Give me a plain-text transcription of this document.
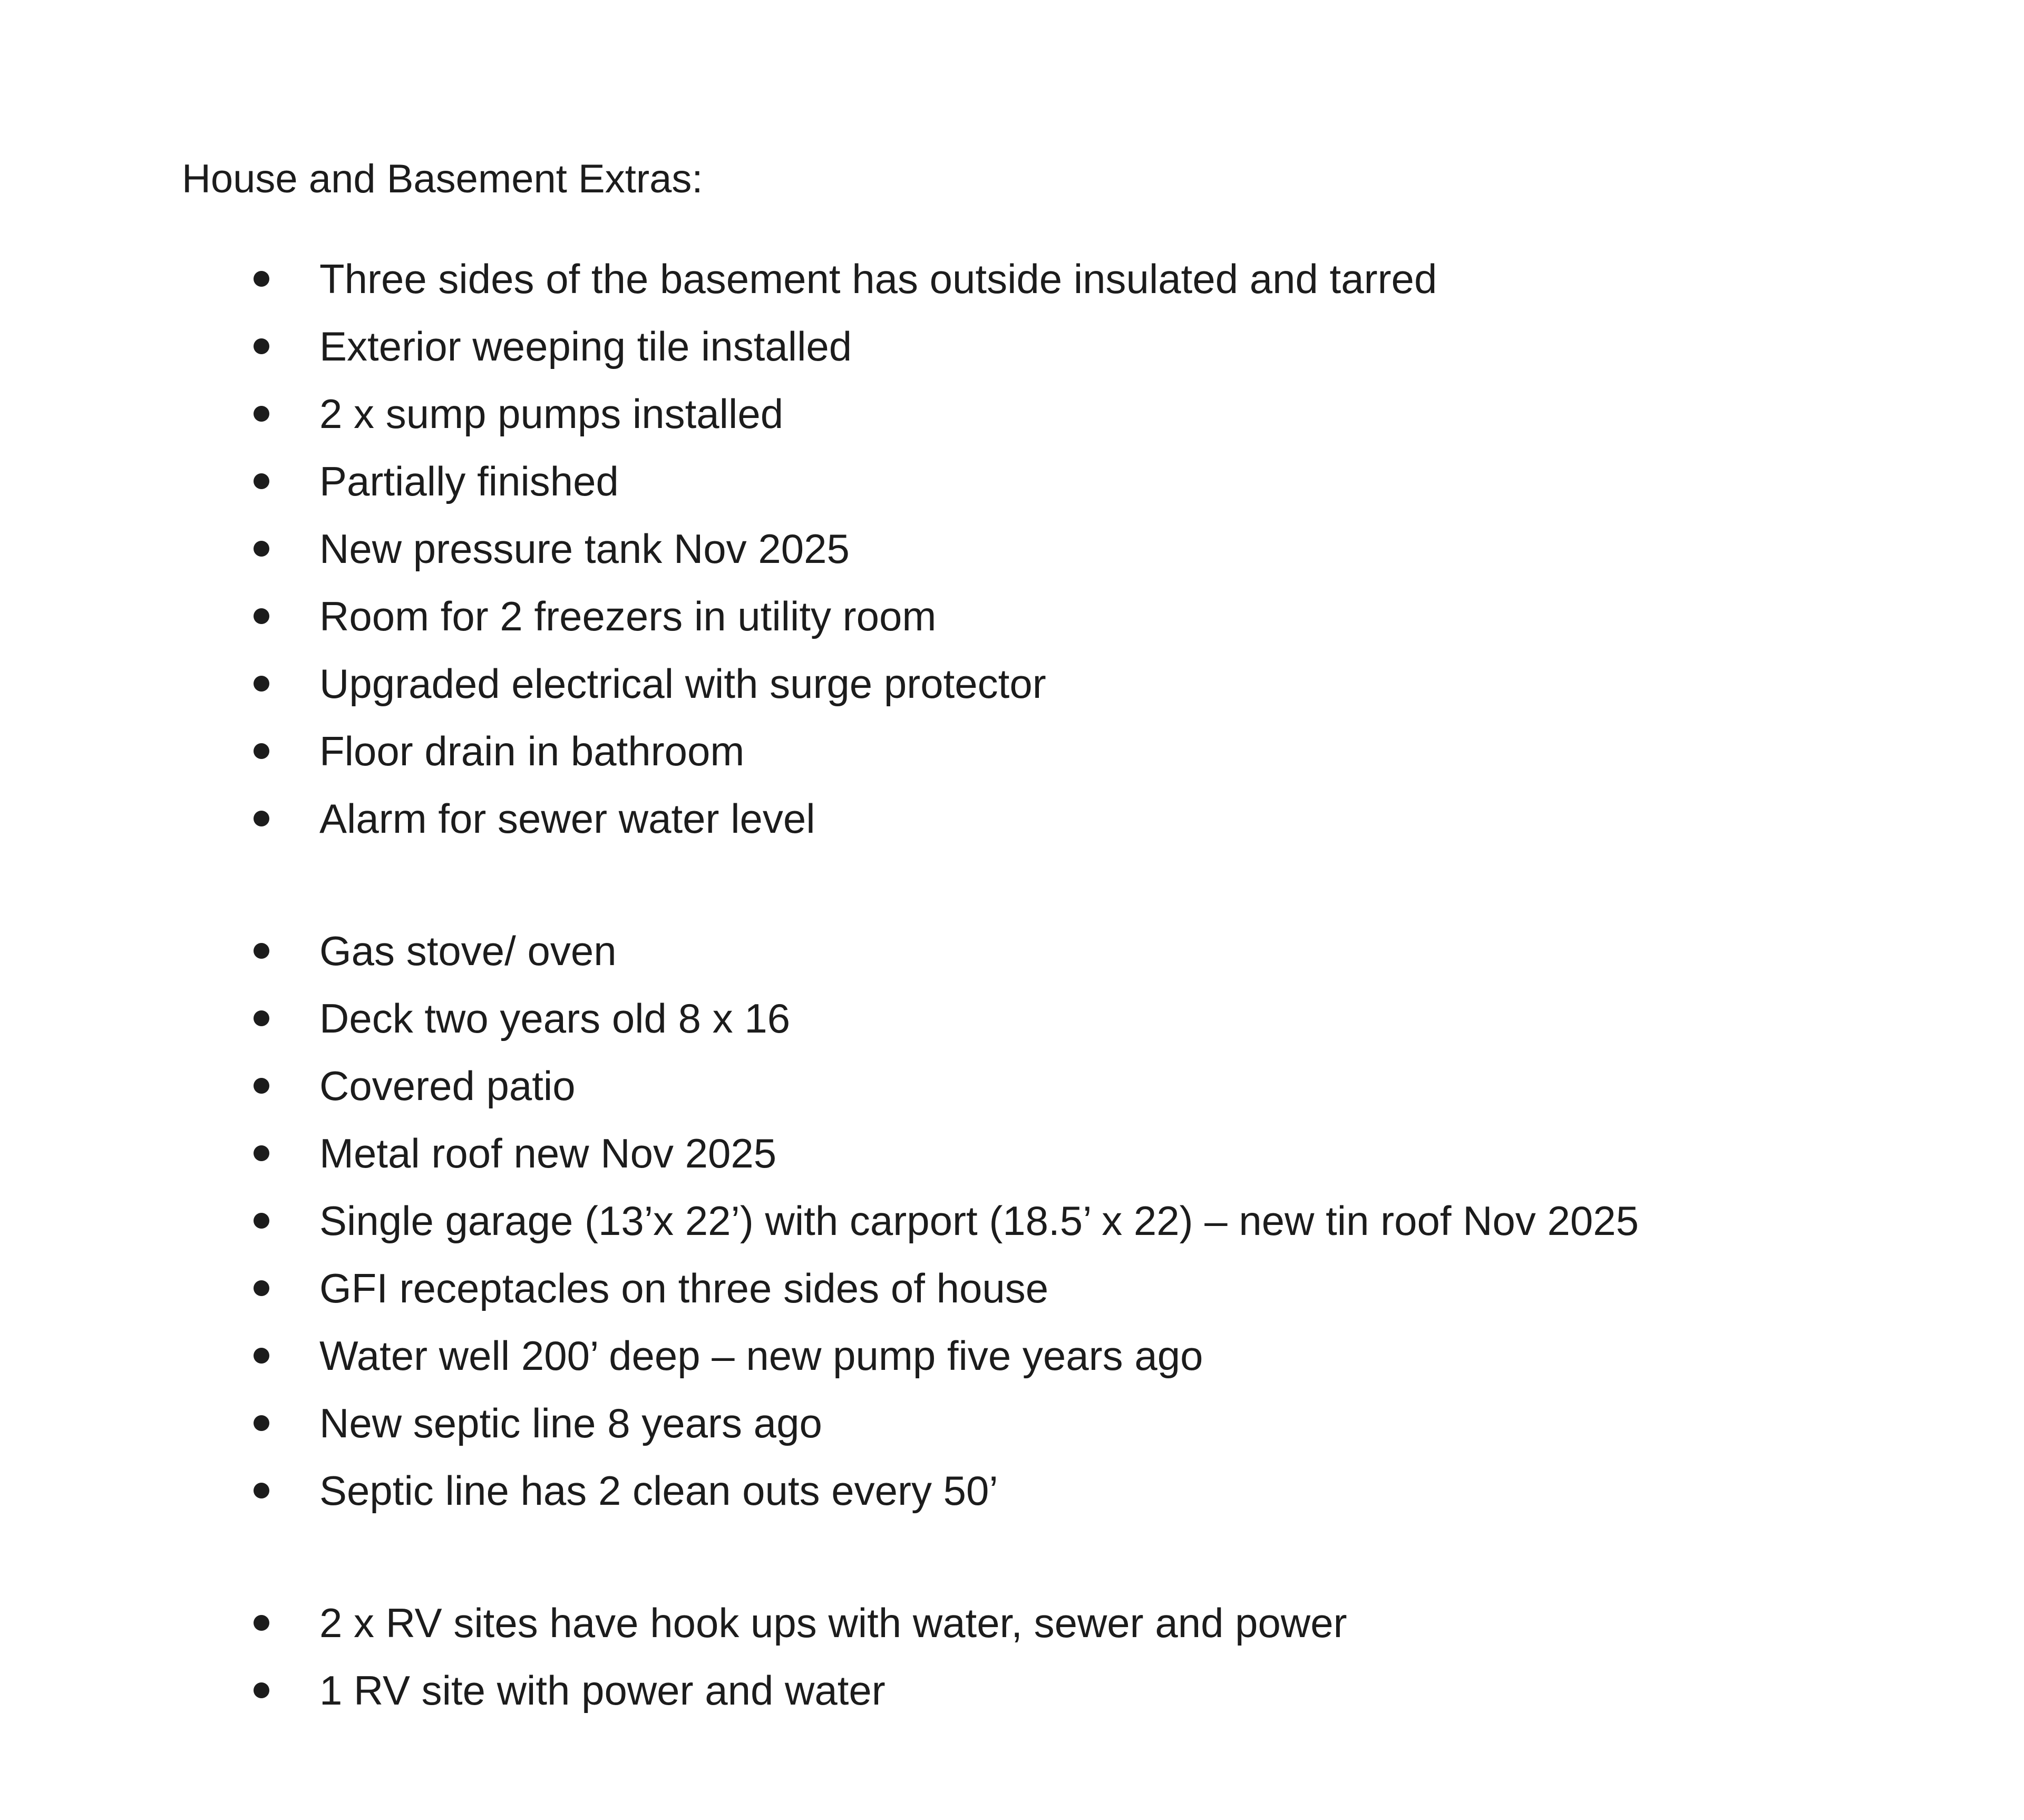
House and Basement Extras:
Three sides of the basement has outside insulated and tarred
Exterior weeping tile installed
2 x sump pumps installed
Partially finished
New pressure tank Nov 2025
Room for 2 freezers in utility room
Upgraded electrical with surge protector
Floor drain in bathroom
Alarm for sewer water level
Gas stove/ oven
Deck two years old 8 x 16
Covered patio
Metal roof new Nov 2025
Single garage (13’x 22’) with carport (18.5’ x 22) – new tin roof Nov 2025
GFI receptacles on three sides of house
Water well 200’ deep – new pump five years ago
New septic line 8 years ago
Septic line has 2 clean outs every 50’
2 x RV sites have hook ups with water, sewer and power
1 RV site with power and water
